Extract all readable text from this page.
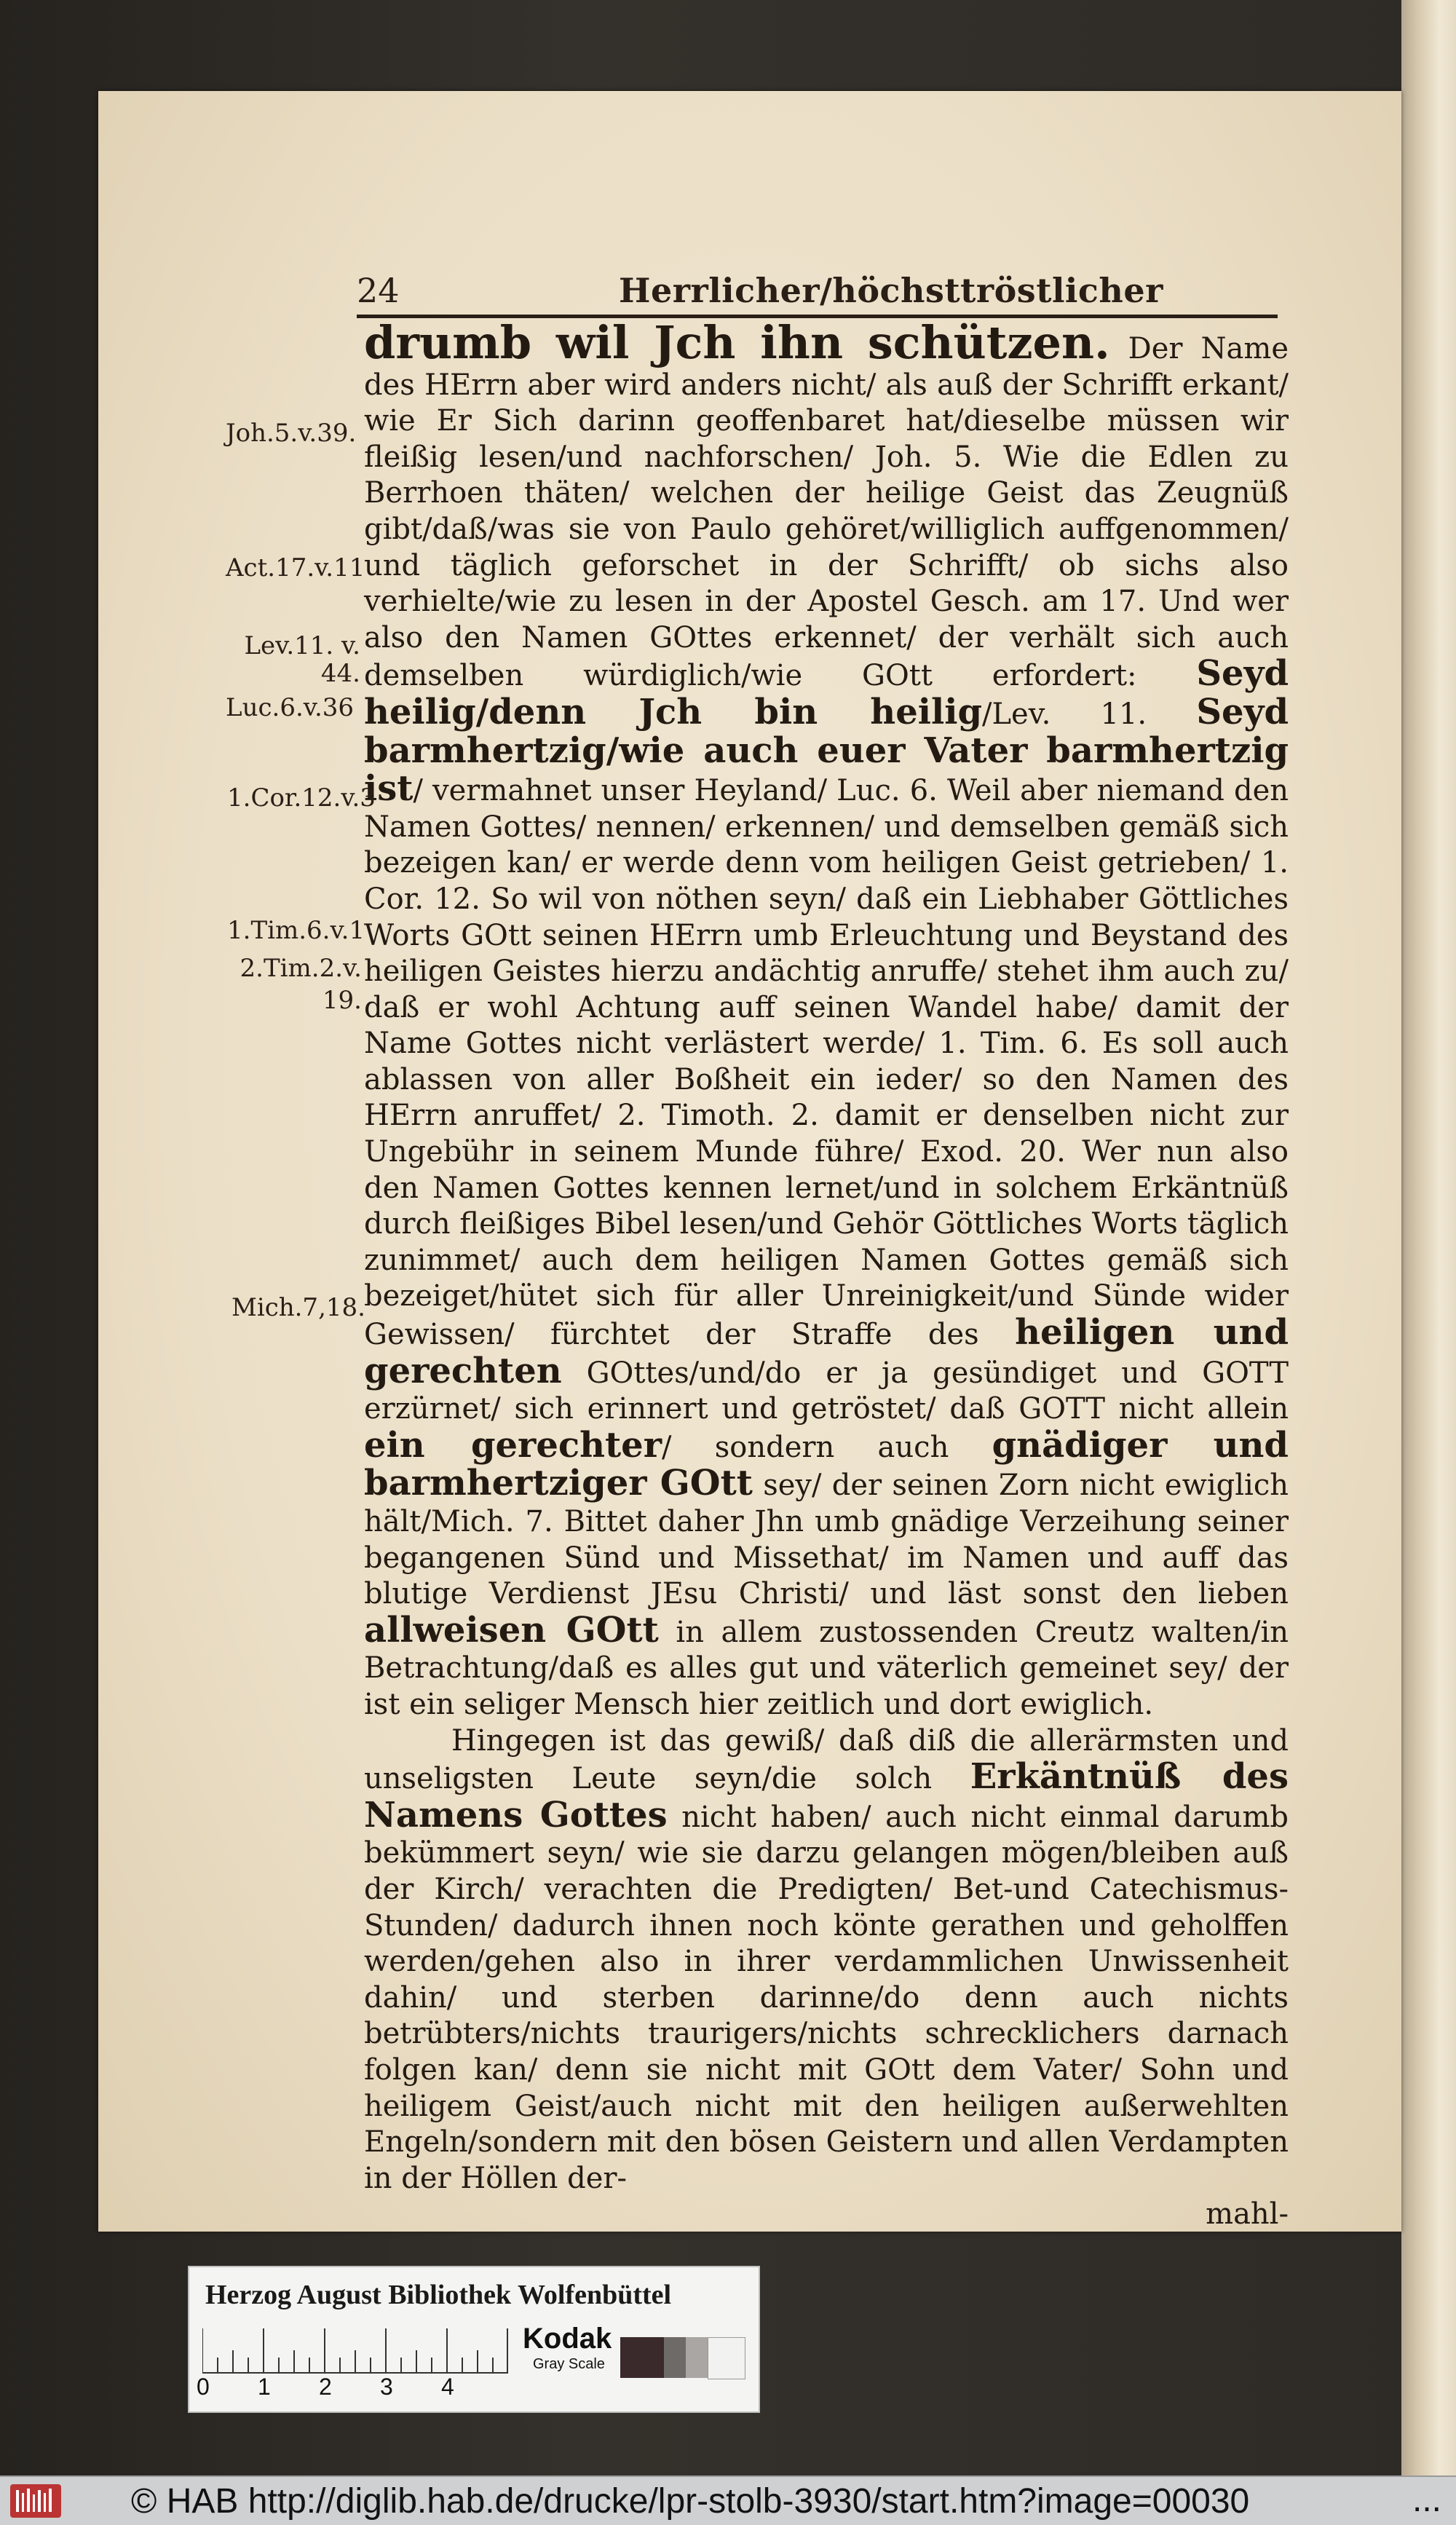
24	Herrlicher/höchsttröstlicher

drumb wil Jch ihn schützen. Der Name des HErrn aber wird anders nicht/ als auß der Schrifft erkant/ wie Er Sich darinn geoffenbaret hat/dieselbe müssen wir fleißig lesen/und nachforschen/ Joh. 5. Wie die Edlen zu Berrhoen thäten/ welchen der heilige Geist das Zeugnüß gibt/daß/was sie von Paulo gehöret/williglich auffgenommen/ und täglich geforschet in der Schrifft/ ob sichs also verhielte/wie zu lesen in der Apostel Gesch. am 17. Und wer also den Namen GOttes erkennet/ der verhält sich auch demselben würdiglich/wie GOtt erfordert: Seyd heilig/denn Jch bin heilig/Lev. 11. Seyd barmhertzig/wie auch euer Vater barmhertzig ist/ vermahnet unser Heyland/ Luc. 6. Weil aber niemand den Namen Gottes/ nennen/ erkennen/ und demselben gemäß sich bezeigen kan/ er werde denn vom heiligen Geist getrieben/ 1. Cor. 12. So wil von nöthen seyn/ daß ein Liebhaber Göttliches Worts GOtt seinen HErrn umb Erleuchtung und Beystand des heiligen Geistes hierzu andächtig anruffe/ stehet ihm auch zu/ daß er wohl Achtung auff seinen Wandel habe/ damit der Name Gottes nicht verlästert werde/ 1. Tim. 6. Es soll auch ablassen von aller Boßheit ein ieder/ so den Namen des HErrn anruffet/ 2. Timoth. 2. damit er denselben nicht zur Ungebühr in seinem Munde führe/ Exod. 20. Wer nun also den Namen Gottes kennen lernet/und in solchem Erkäntnüß durch fleißiges Bibel lesen/und Gehör Göttliches Worts täglich zunimmet/ auch dem heiligen Namen Gottes gemäß sich bezeiget/hütet sich für aller Unreinigkeit/und Sünde wider Gewissen/ fürchtet der Straffe des heiligen und gerechten GOttes/und/do er ja gesündiget und GOTT erzürnet/ sich erinnert und getröstet/ daß GOTT nicht allein ein gerechter/ sondern auch gnädiger und barmhertziger GOtt sey/ der seinen Zorn nicht ewiglich hält/Mich. 7. Bittet daher Jhn umb gnädige Verzeihung seiner begangenen Sünd und Missethat/ im Namen und auff das blutige Verdienst JEsu Christi/ und läst sonst den lieben allweisen GOtt in allem zustossenden Creutz walten/in Betrachtung/daß es alles gut und väterlich gemeinet sey/ der ist ein seliger Mensch hier zeitlich und dort ewiglich.

Hingegen ist das gewiß/ daß diß die allerärmsten und unseligsten Leute seyn/die solch Erkäntnüß des Namens Gottes nicht haben/ auch nicht einmal darumb bekümmert seyn/ wie sie darzu gelangen mögen/bleiben auß der Kirch/ verachten die Predigten/ Bet-und Catechismus-Stunden/ dadurch ihnen noch könte gerathen und geholffen werden/gehen also in ihrer verdammlichen Unwissenheit dahin/ und sterben darinne/do denn auch nichts betrübters/nichts traurigers/nichts schrecklichers darnach folgen kan/ denn sie nicht mit GOtt dem Vater/ Sohn und heiligem Geist/auch nicht mit den heiligen außerwehlten Engeln/sondern mit den bösen Geistern und allen Verdampten in der Höllen der-

mahl-

Joh.5.v.39.
Act.17.v.11
Lev.11. v. 44.
Luc.6.v.36
1.Cor.12.v.3
1.Tim.6.v.1
2.Tim.2.v. 19.
Mich.7,18.
Herzog August Bibliothek Wolfenbüttel
0 1 2 3 4
Kodak
Gray Scale
© HAB http://diglib.hab.de/drucke/lpr-stolb-3930/start.htm?image=00030	...
